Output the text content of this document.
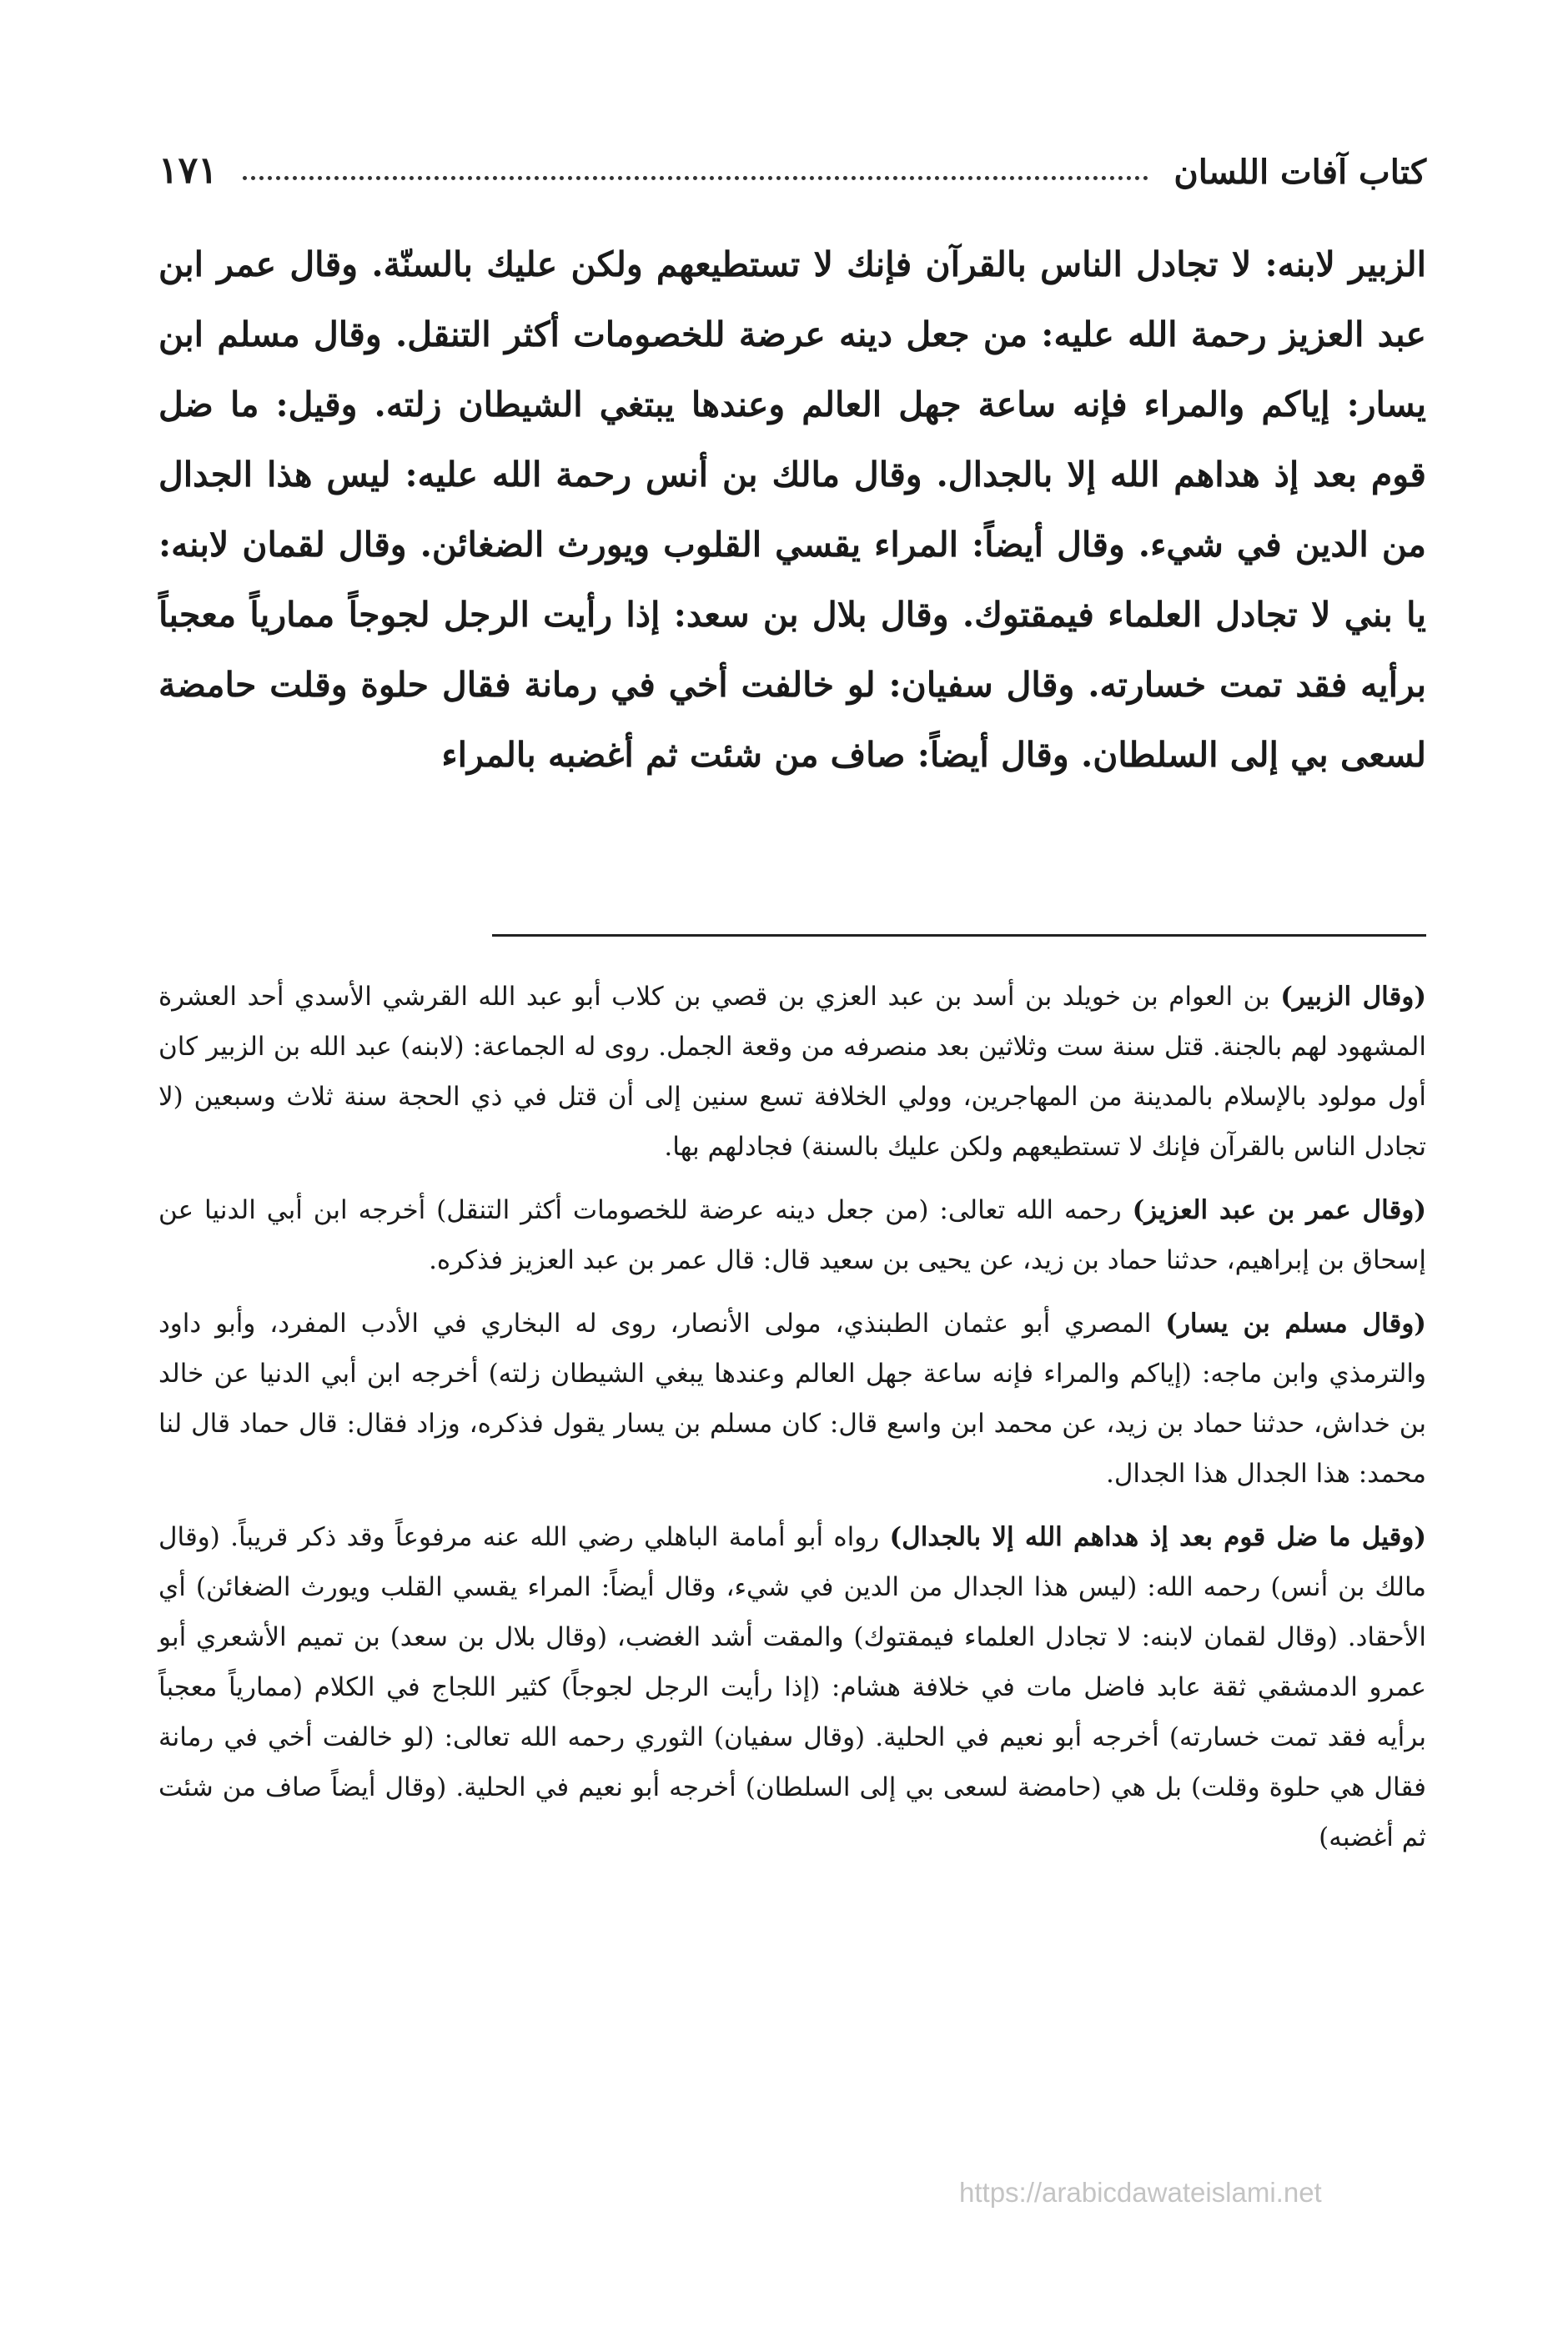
كتاب آفات اللسان
١٧١

الزبير لابنه: لا تجادل الناس بالقرآن فإنك لا تستطيعهم ولكن عليك بالسنّة. وقال عمر ابن عبد العزيز رحمة الله عليه: من جعل دينه عرضة للخصومات أكثر التنقل. وقال مسلم ابن يسار: إياكم والمراء فإنه ساعة جهل العالم وعندها يبتغي الشيطان زلته. وقيل: ما ضل قوم بعد إذ هداهم الله إلا بالجدال. وقال مالك بن أنس رحمة الله عليه: ليس هذا الجدال من الدين في شيء. وقال أيضاً: المراء يقسي القلوب ويورث الضغائن. وقال لقمان لابنه: يا بني لا تجادل العلماء فيمقتوك. وقال بلال بن سعد: إذا رأيت الرجل لجوجاً ممارياً معجباً برأيه فقد تمت خسارته. وقال سفيان: لو خالفت أخي في رمانة فقال حلوة وقلت حامضة لسعى بي إلى السلطان. وقال أيضاً: صاف من شئت ثم أغضبه بالمراء

(وقال الزبير) بن العوام بن خويلد بن أسد بن عبد العزي بن قصي بن كلاب أبو عبد الله القرشي الأسدي أحد العشرة المشهود لهم بالجنة. قتل سنة ست وثلاثين بعد منصرفه من وقعة الجمل. روى له الجماعة: (لابنه) عبد الله بن الزبير كان أول مولود بالإسلام بالمدينة من المهاجرين، وولي الخلافة تسع سنين إلى أن قتل في ذي الحجة سنة ثلاث وسبعين (لا تجادل الناس بالقرآن فإنك لا تستطيعهم ولكن عليك بالسنة) فجادلهم بها.

(وقال عمر بن عبد العزيز) رحمه الله تعالى: (من جعل دينه عرضة للخصومات أكثر التنقل) أخرجه ابن أبي الدنيا عن إسحاق بن إبراهيم، حدثنا حماد بن زيد، عن يحيى بن سعيد قال: قال عمر بن عبد العزيز فذكره.

(وقال مسلم بن يسار) المصري أبو عثمان الطبنذي، مولى الأنصار، روى له البخاري في الأدب المفرد، وأبو داود والترمذي وابن ماجه: (إياكم والمراء فإنه ساعة جهل العالم وعندها يبغي الشيطان زلته) أخرجه ابن أبي الدنيا عن خالد بن خداش، حدثنا حماد بن زيد، عن محمد ابن واسع قال: كان مسلم بن يسار يقول فذكره، وزاد فقال: قال حماد قال لنا محمد: هذا الجدال هذا الجدال.

(وقيل ما ضل قوم بعد إذ هداهم الله إلا بالجدال) رواه أبو أمامة الباهلي رضي الله عنه مرفوعاً وقد ذكر قريباً. (وقال مالك بن أنس) رحمه الله: (ليس هذا الجدال من الدين في شيء، وقال أيضاً: المراء يقسي القلب ويورث الضغائن) أي الأحقاد. (وقال لقمان لابنه: لا تجادل العلماء فيمقتوك) والمقت أشد الغضب، (وقال بلال بن سعد) بن تميم الأشعري أبو عمرو الدمشقي ثقة عابد فاضل مات في خلافة هشام: (إذا رأيت الرجل لجوجاً) كثير اللجاج في الكلام (ممارياً معجباً برأيه فقد تمت خسارته) أخرجه أبو نعيم في الحلية. (وقال سفيان) الثوري رحمه الله تعالى: (لو خالفت أخي في رمانة فقال هي حلوة وقلت) بل هي (حامضة لسعى بي إلى السلطان) أخرجه أبو نعيم في الحلية. (وقال أيضاً صاف من شئت ثم أغضبه)

https://arabicdawateislami.net
